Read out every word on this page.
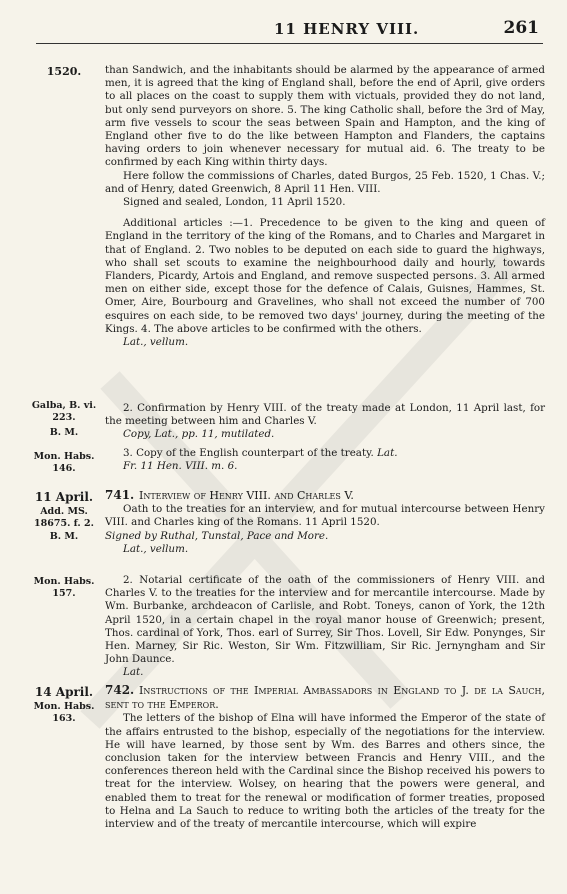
11 HENRY VIII.	261
1520.
Galba, B. vi. 223.
B. M.
Mon. Habs. 146.
11 April.
Add. MS. 18675. f. 2.
B. M.
Mon. Habs. 157.
14 April.
Mon. Habs. 163.

than Sandwich, and the inhabitants should be alarmed by the appearance of armed men, it is agreed that the king of England shall, before the end of April, give orders to all places on the coast to supply them with victuals, provided they do not land, but only send purveyors on shore. 5. The king Catholic shall, before the 3rd of May, arm five vessels to scour the seas between Spain and Hampton, and the king of England other five to do the like between Hampton and Flanders, the captains having orders to join whenever necessary for mutual aid. 6. The treaty to be confirmed by each King within thirty days.

Here follow the commissions of Charles, dated Burgos, 25 Feb. 1520, 1 Chas. V.; and of Henry, dated Greenwich, 8 April 11 Hen. VIII.

Signed and sealed, London, 11 April 1520.

Additional articles :—1. Precedence to be given to the king and queen of England in the territory of the king of the Romans, and to Charles and Margaret in that of England. 2. Two nobles to be deputed on each side to guard the highways, who shall set scouts to examine the neighbourhood daily and hourly, towards Flanders, Picardy, Artois and England, and remove suspected persons. 3. All armed men on either side, except those for the defence of Calais, Guisnes, Hammes, St. Omer, Aire, Bourbourg and Gravelines, who shall not exceed the number of 700 esquires on each side, to be removed two days' journey, during the meeting of the Kings. 4. The above articles to be confirmed with the others.

Lat., vellum.

2. Confirmation by Henry VIII. of the treaty made at London, 11 April last, for the meeting between him and Charles V.

Copy, Lat., pp. 11, mutilated.

3. Copy of the English counterpart of the treaty. Lat.

Fr. 11 Hen. VIII. m. 6.

741. Interview of Henry VIII. and Charles V.

Oath to the treaties for an interview, and for mutual intercourse between Henry VIII. and Charles king of the Romans. 11 April 1520.

Signed by Ruthal, Tunstal, Pace and More.

Lat., vellum.

2. Notarial certificate of the oath of the commissioners of Henry VIII. and Charles V. to the treaties for the interview and for mercantile intercourse. Made by Wm. Burbanke, archdeacon of Carlisle, and Robt. Toneys, canon of York, the 12th April 1520, in a certain chapel in the royal manor house of Greenwich; present, Thos. cardinal of York, Thos. earl of Surrey, Sir Thos. Lovell, Sir Edw. Ponynges, Sir Hen. Marney, Sir Ric. Weston, Sir Wm. Fitzwilliam, Sir Ric. Jernyngham and Sir John Daunce.

Lat.

742. Instructions of the Imperial Ambassadors in England to J. de la Sauch, sent to the Emperor.

The letters of the bishop of Elna will have informed the Emperor of the state of the affairs entrusted to the bishop, especially of the negotiations for the interview. He will have learned, by those sent by Wm. des Barres and others since, the conclusion taken for the interview between Francis and Henry VIII., and the conferences thereon held with the Cardinal since the Bishop received his powers to treat for the interview. Wolsey, on hearing that the powers were general, and enabled them to treat for the renewal or modification of former treaties, proposed to Helna and La Sauch to reduce to writing both the articles of the treaty for the interview and of the treaty of mercantile intercourse, which will expire
